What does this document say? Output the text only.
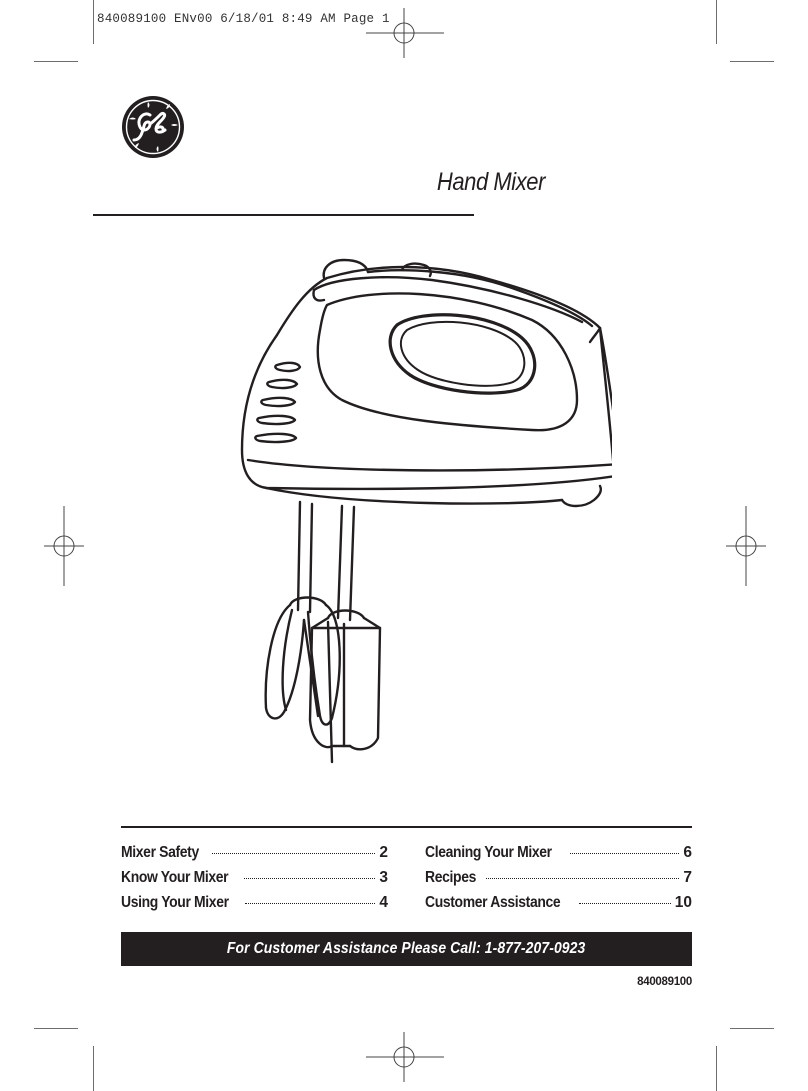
840089100 ENv00 6/18/01 8:49 AM Page 1
Hand Mixer
Mixer Safety	2
Know Your Mixer	3
Using Your Mixer	4
Cleaning Your Mixer	6
Recipes	7
Customer Assistance	10
For Customer Assistance Please Call: 1-877-207-0923
840089100
